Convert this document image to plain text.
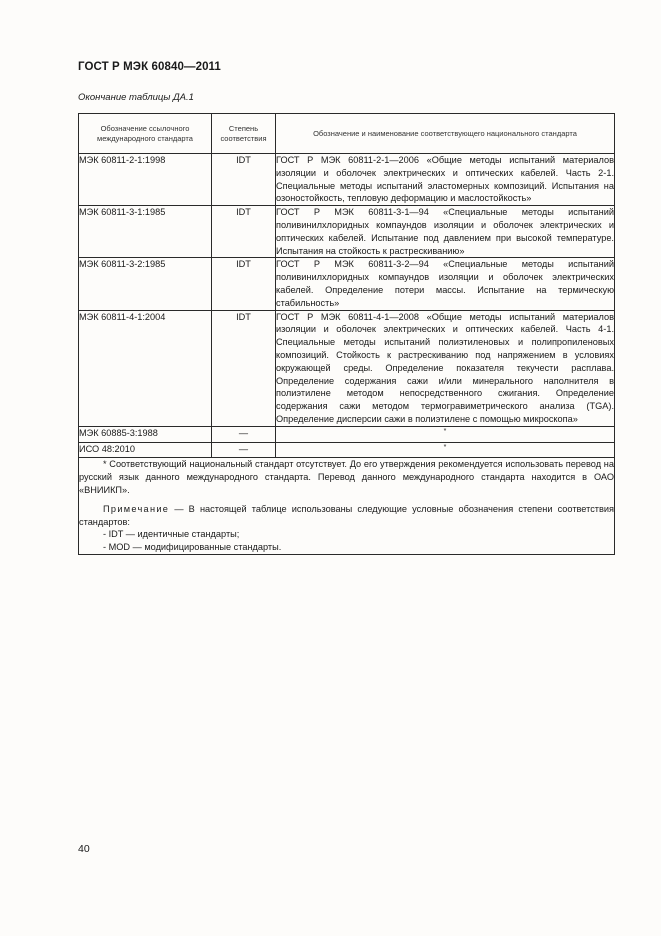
ГОСТ Р МЭК 60840—2011
Окончание таблицы ДА.1
Обозначение ссылочного международного стандарта	Степень соответствия	Обозначение и наименование соответствующего национального стандарта
МЭК 60811-2-1:1998	IDT	ГОСТ Р МЭК 60811-2-1—2006 «Общие методы испытаний материалов изоляции и оболочек электрических и оптических кабелей. Часть 2-1. Специальные методы испытаний эластомерных композиций. Испытания на озоностойкость, тепловую деформацию и маслостойкость»
МЭК 60811-3-1:1985	IDT	ГОСТ Р МЭК 60811-3-1—94 «Специальные методы испытаний поливинилхлоридных компаундов изоляции и оболочек электрических и оптических кабелей. Испытание под давлением при высокой температуре. Испытания на стойкость к растрескиванию»
МЭК 60811-3-2:1985	IDT	ГОСТ Р МЭК 60811-3-2—94 «Специальные методы испытаний поливинилхлоридных компаундов изоляции и оболочек электрических кабелей. Определение потери массы. Испытание на термическую стабильность»
МЭК 60811-4-1:2004	IDT	ГОСТ Р МЭК 60811-4-1—2008 «Общие методы испытаний материалов изоляции и оболочек электрических и оптических кабелей. Часть 4-1. Специальные методы испытаний полиэтиленовых и полипропиленовых композиций. Стойкость к растрескиванию под напряжением в условиях окружающей среды. Определение показателя текучести расплава. Определение содержания сажи и/или минерального наполнителя в полиэтилене методом непосредственного сжигания. Определение содержания сажи методом термогравиметрического анализа (TGA). Определение дисперсии сажи в полиэтилене с помощью микроскопа»
МЭК 60885-3:1988	—	*
ИСО 48:2010	—	*

* Соответствующий национальный стандарт отсутствует. До его утверждения рекомендуется использовать перевод на русский язык данного международного стандарта. Перевод данного международного стандарта находится в ОАО «ВНИИКП».

Примечание — В настоящей таблице использованы следующие условные обозначения степени соответствия стандартов:

- IDT — идентичные стандарты;
- MOD — модифицированные стандарты.		
40
